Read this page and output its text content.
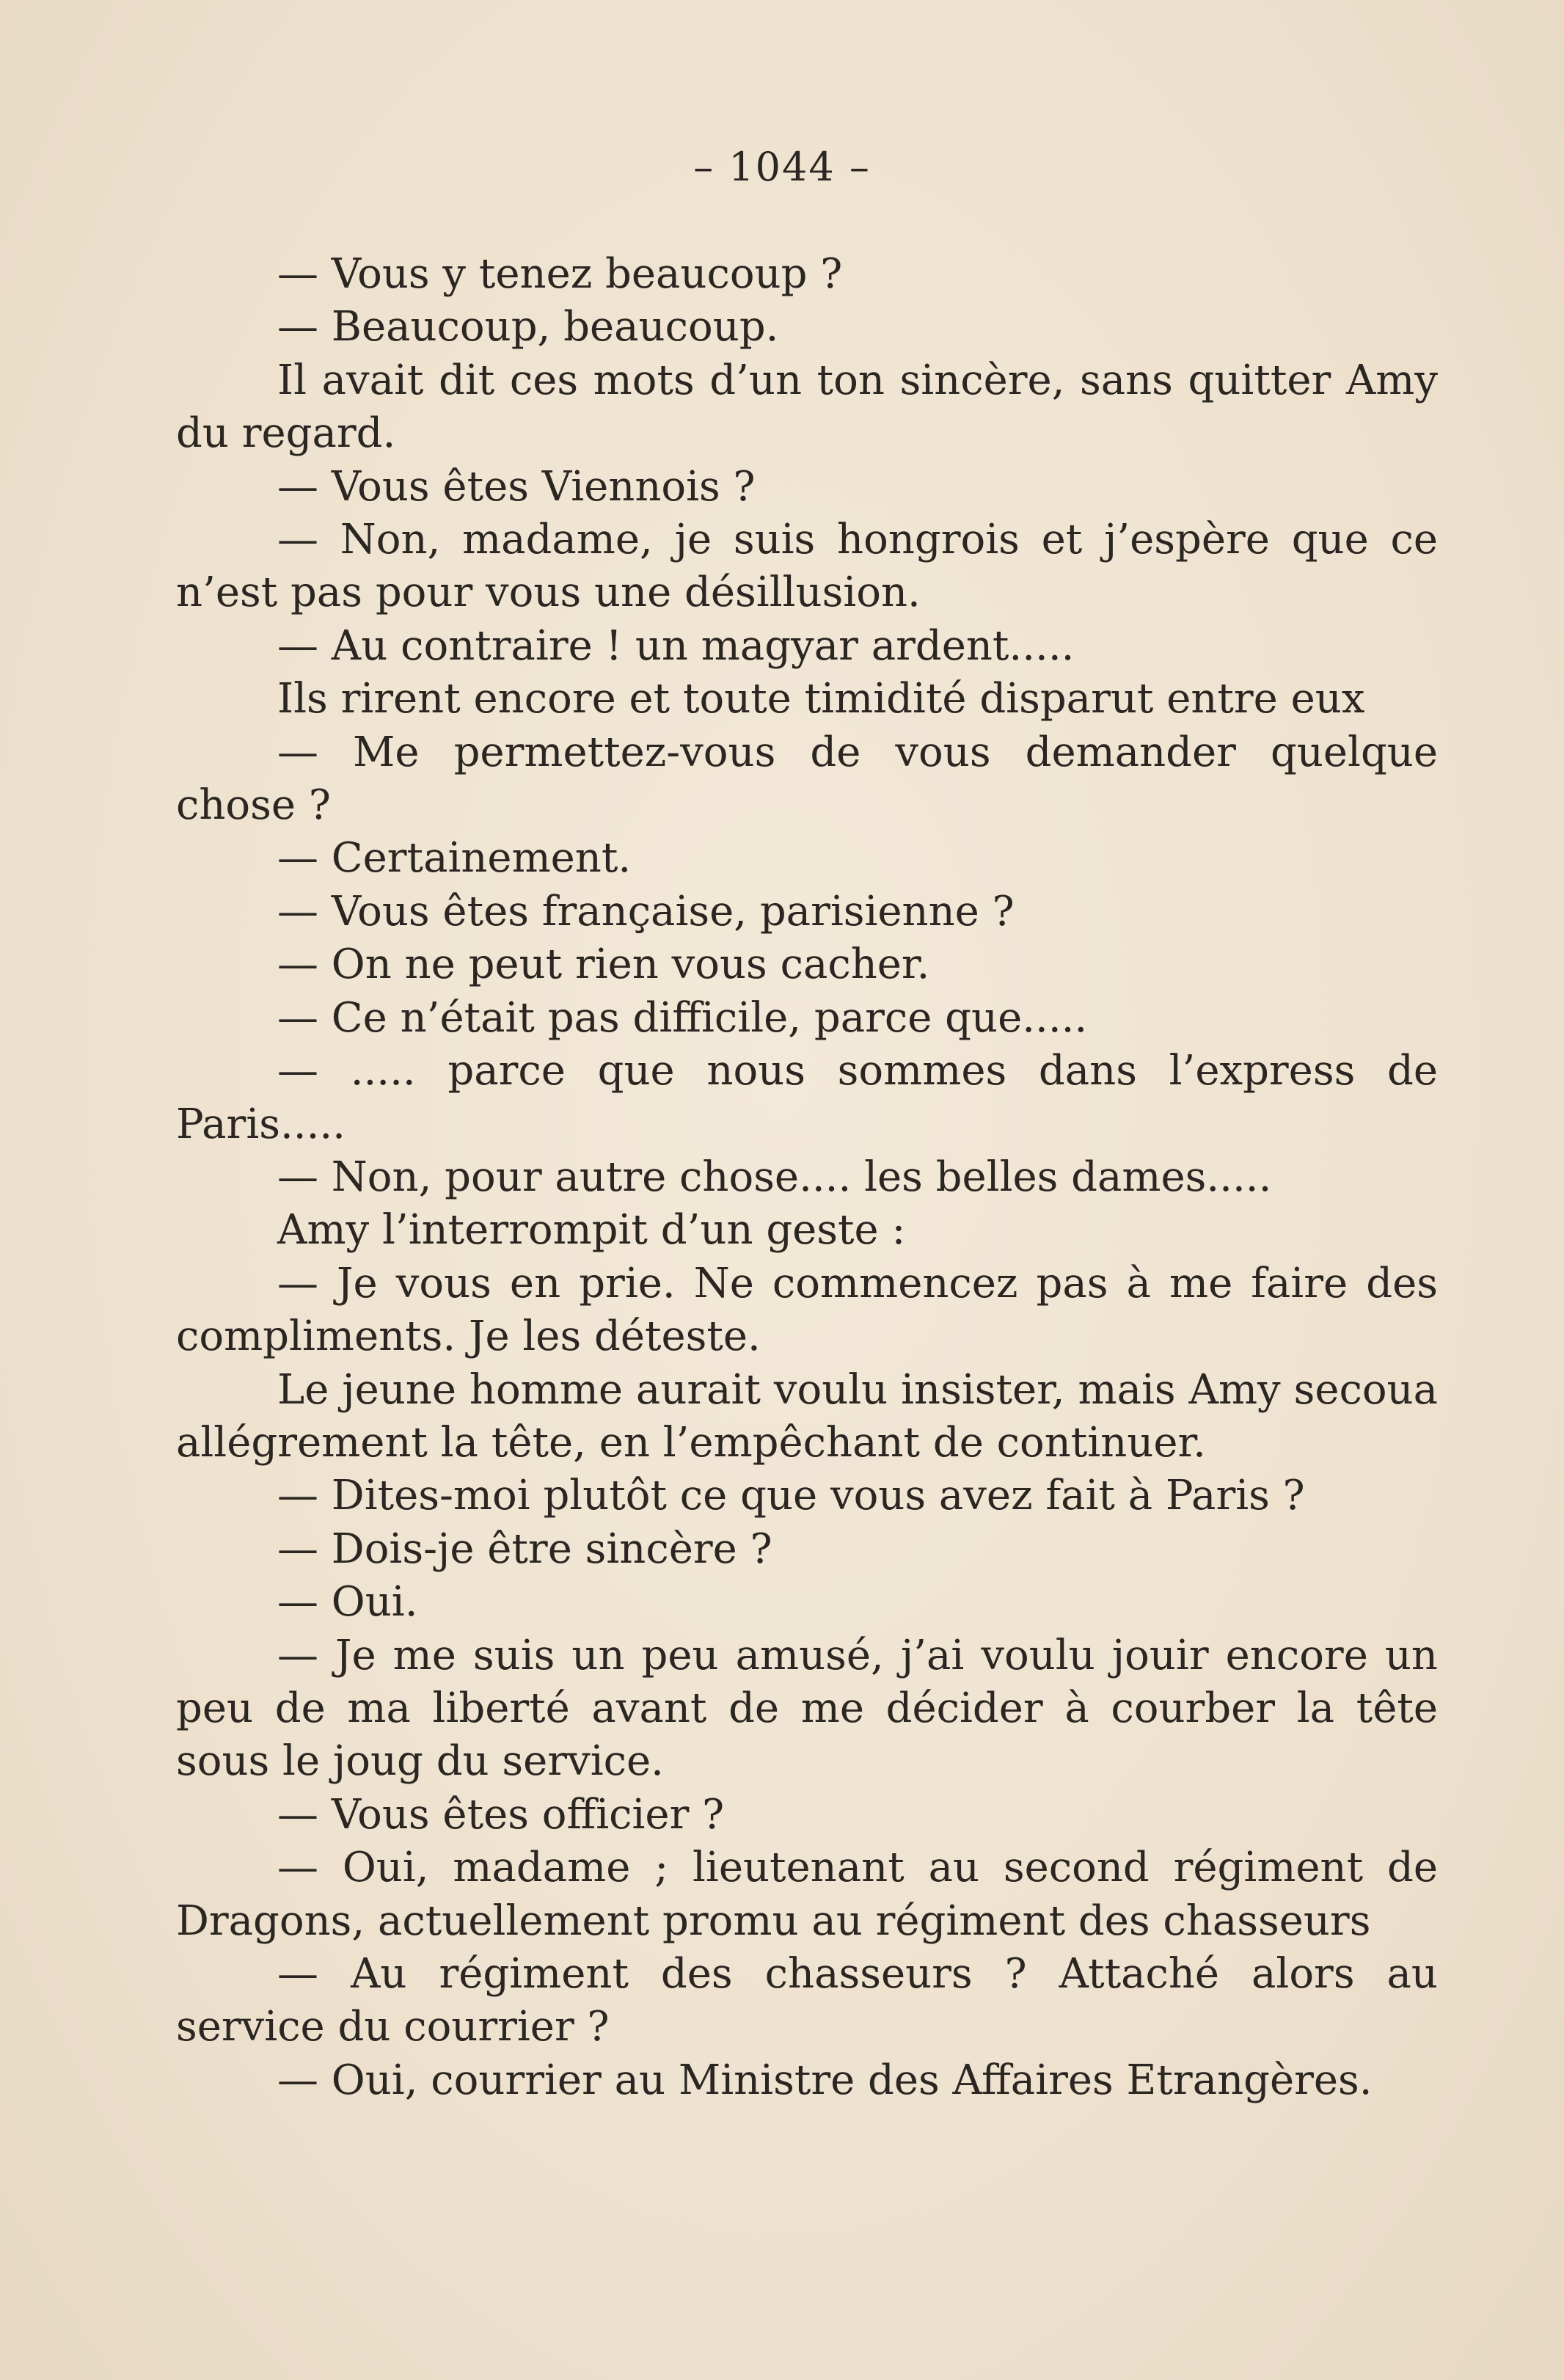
– 1044 –

— Vous y tenez beaucoup ?

— Beaucoup, beaucoup.

Il avait dit ces mots d’un ton sincère, sans quitter Amy du regard.

— Vous êtes Viennois ?

— Non, madame, je suis hongrois et j’espère que ce n’est pas pour vous une désillusion.

— Au contraire ! un magyar ardent.....

Ils rirent encore et toute timidité disparut entre eux

— Me permettez-vous de vous demander quelque chose ?

— Certainement.

— Vous êtes française, parisienne ?

— On ne peut rien vous cacher.

— Ce n’était pas difficile, parce que.....

— ..... parce que nous sommes dans l’express de Paris.....

— Non, pour autre chose.... les belles dames.....

Amy l’interrompit d’un geste :

— Je vous en prie. Ne commencez pas à me faire des compliments. Je les déteste.

Le jeune homme aurait voulu insister, mais Amy secoua allégrement la tête, en l’empêchant de continuer.

— Dites-moi plutôt ce que vous avez fait à Paris ?

— Dois-je être sincère ?

— Oui.

— Je me suis un peu amusé, j’ai voulu jouir encore un peu de ma liberté avant de me décider à courber la tête sous le joug du service.

— Vous êtes officier ?

— Oui, madame ; lieutenant au second régiment de Dragons, actuellement promu au régiment des chasseurs

— Au régiment des chasseurs ? Attaché alors au service du courrier ?

— Oui, courrier au Ministre des Affaires Etrangères.
